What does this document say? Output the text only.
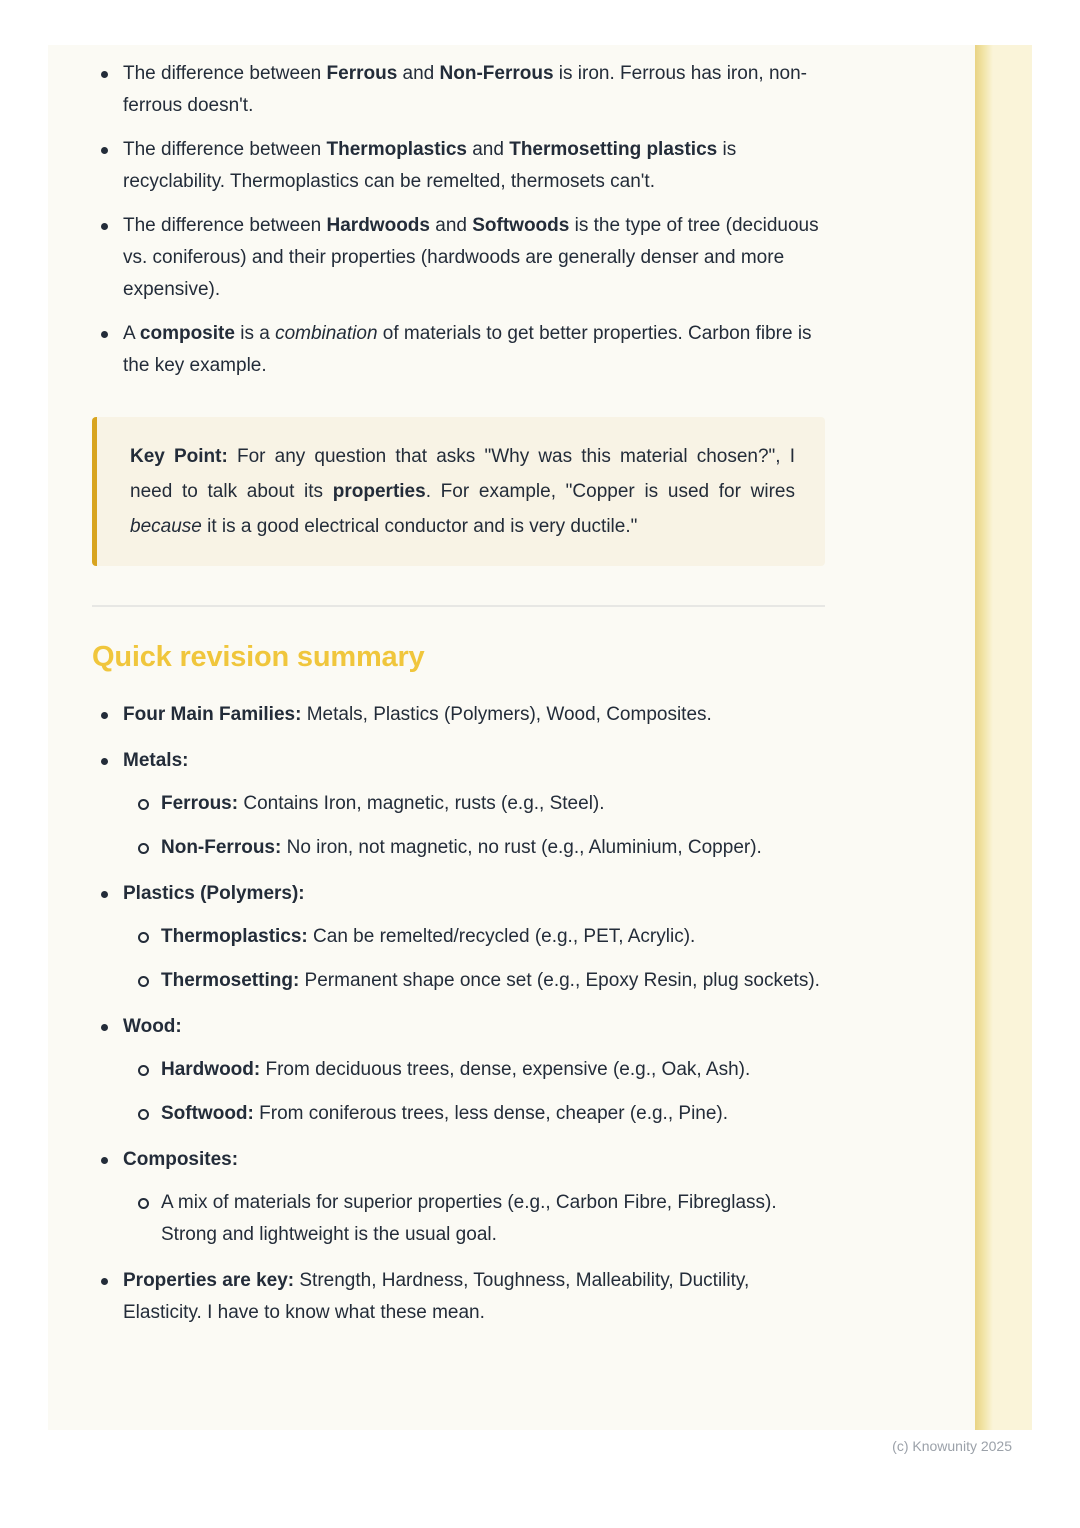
The difference between Ferrous and Non-Ferrous is iron. Ferrous has iron, non-ferrous doesn't.
The difference between Thermoplastics and Thermosetting plastics is recyclability. Thermoplastics can be remelted, thermosets can't.
The difference between Hardwoods and Softwoods is the type of tree (deciduous vs. coniferous) and their properties (hardwoods are generally denser and more expensive).
A composite is a combination of materials to get better properties. Carbon fibre is the key example.
Key Point: For any question that asks "Why was this material chosen?", I need to talk about its properties. For example, "Copper is used for wires because it is a good electrical conductor and is very ductile."
Quick revision summary
Four Main Families: Metals, Plastics (Polymers), Wood, Composites.
Metals:
Ferrous: Contains Iron, magnetic, rusts (e.g., Steel).
Non-Ferrous: No iron, not magnetic, no rust (e.g., Aluminium, Copper).
Plastics (Polymers):
Thermoplastics: Can be remelted/recycled (e.g., PET, Acrylic).
Thermosetting: Permanent shape once set (e.g., Epoxy Resin, plug sockets).
Wood:
Hardwood: From deciduous trees, dense, expensive (e.g., Oak, Ash).
Softwood: From coniferous trees, less dense, cheaper (e.g., Pine).
Composites:
A mix of materials for superior properties (e.g., Carbon Fibre, Fibreglass). Strong and lightweight is the usual goal.
Properties are key: Strength, Hardness, Toughness, Malleability, Ductility, Elasticity. I have to know what these mean.
(c) Knowunity 2025
